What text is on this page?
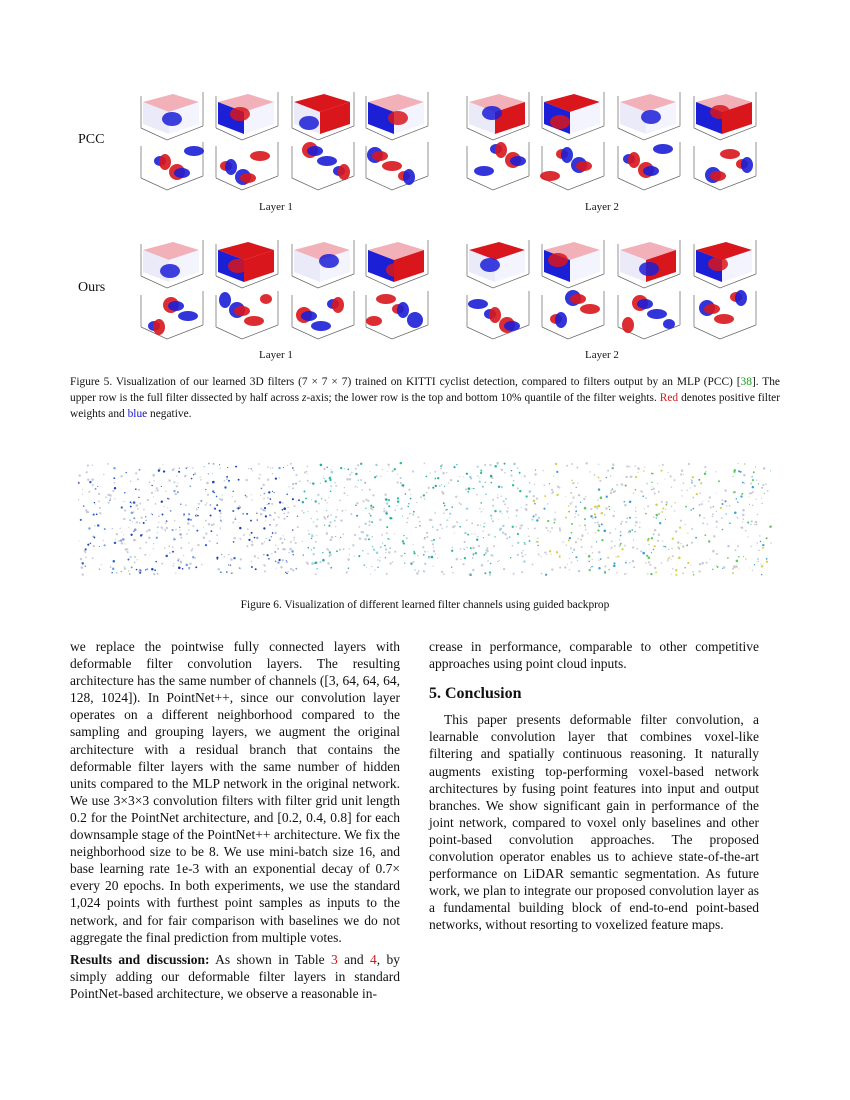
PCC
Ours
Layer 1	Layer 2
Layer 1	Layer 2
Figure 5. Visualization of our learned 3D filters (7 × 7 × 7) trained on KITTI cyclist detection, compared to filters output by an MLP (PCC) [38]. The upper row is the full filter dissected by half across z-axis; the lower row is the top and bottom 10% quantile of the filter weights. Red denotes positive filter weights and blue negative.
Figure 6. Visualization of different learned filter channels using guided backprop

we replace the pointwise fully connected layers with deformable filter convolution layers. The resulting architecture has the same number of channels ([3, 64, 64, 64, 128, 1024]). In PointNet++, since our convolution layer operates on a different neighborhood compared to the sampling and grouping layers, we augment the original architecture with a residual branch that contains the deformable filter layers with the same number of hidden units compared to the MLP network in the original network. We use 3×3×3 convolution filters with filter grid unit length 0.2 for the PointNet architecture, and [0.2, 0.4, 0.8] for each downsample stage of the PointNet++ architecture. We fix the neighborhood size to be 8. We use mini-batch size 16, and base learning rate 1e-3 with an exponential decay of 0.7× every 20 epochs. In both experiments, we use the standard 1,024 points with furthest point samples as inputs to the network, and for fair comparison with baselines we do not aggregate the final prediction from multiple votes.

Results and discussion: As shown in Table 3 and 4, by simply adding our deformable filter layers in standard PointNet-based architecture, we observe a reasonable in-

crease in performance, comparable to other competitive approaches using point cloud inputs.

5. Conclusion

This paper presents deformable filter convolution, a learnable convolution layer that combines voxel-like filtering and spatially continuous reasoning. It naturally augments existing top-performing voxel-based network architectures by fusing point features into input and output branches. We show significant gain in performance of the joint network, compared to voxel only baselines and other point-based convolution approaches. The proposed convolution operator enables us to achieve state-of-the-art performance on LiDAR semantic segmentation. As future work, we plan to integrate our proposed convolution layer as a fundamental building block of end-to-end point-based networks, without resorting to voxelized feature maps.
